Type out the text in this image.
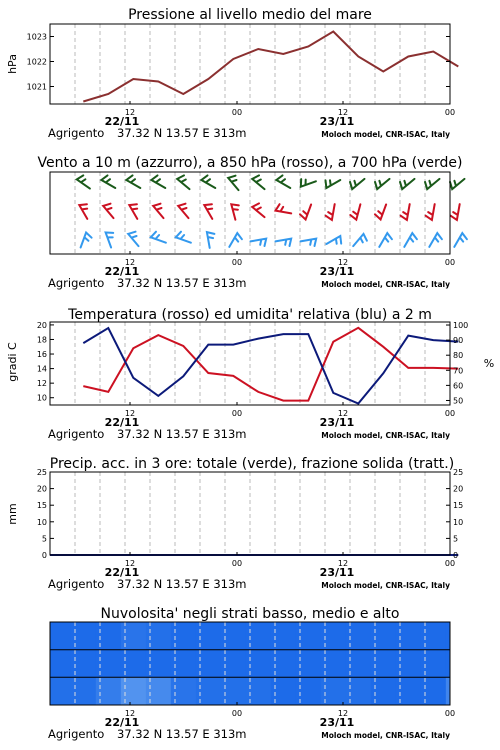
Pressione al livello medio del mare
hPa
1021
1022
1023
12	00	12	00
22/11	23/11
Agrigento 37.32 N 13.57 E 313m	Moloch model, CNR-ISAC, Italy
Vento a 10 m (azzurro), a 850 hPa (rosso), a 700 hPa (verde)
12	00	12	00
22/11	23/11
Agrigento 37.32 N 13.57 E 313m	Moloch model, CNR-ISAC, Italy
Temperatura (rosso) ed umidita' relativa (blu) a 2 m
gradi C	%
10
12
14
16
18
20
50
60
70
80
90
100
12	00	12	00
22/11	23/11
Agrigento 37.32 N 13.57 E 313m	Moloch model, CNR-ISAC, Italy
Precip. acc. in 3 ore: totale (verde), frazione solida (tratt.)
mm
0
5
10
15
20
25
0
5
10
15
20
25
12	00	12	00
22/11	23/11
Agrigento 37.32 N 13.57 E 313m	Moloch model, CNR-ISAC, Italy
Nuvolosita' negli strati basso, medio e alto
12	00	12	00
22/11	23/11
Agrigento 37.32 N 13.57 E 313m	Moloch model, CNR-ISAC, Italy
